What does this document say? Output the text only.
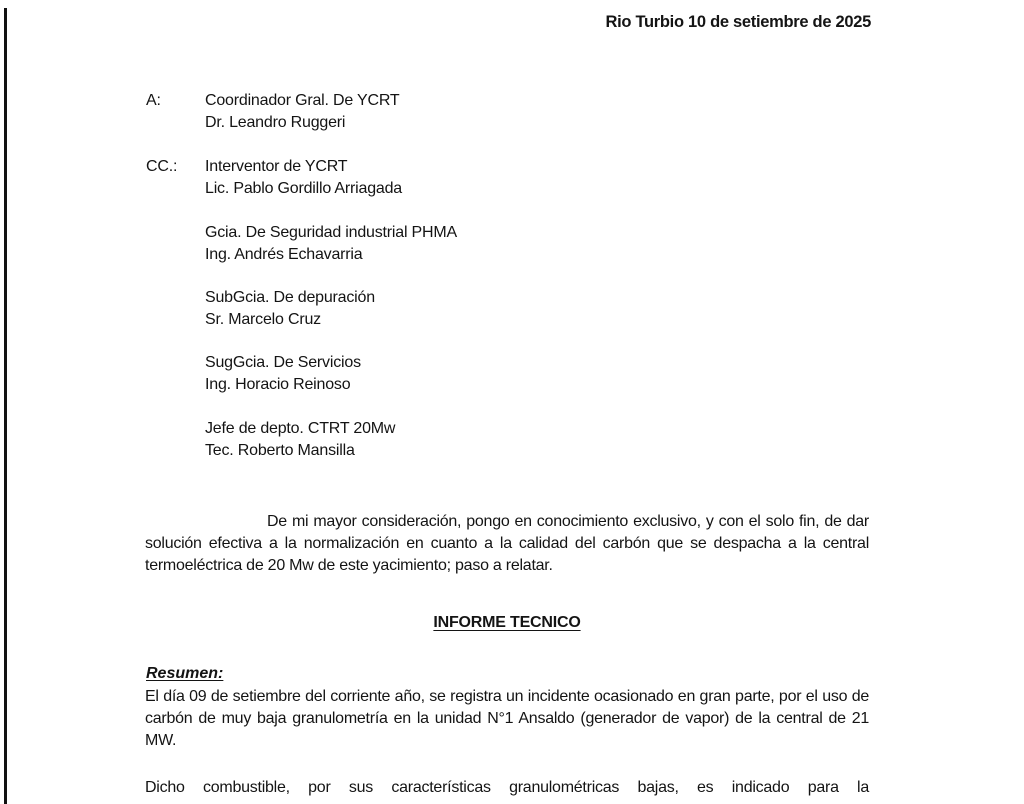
Rio Turbio 10 de setiembre de 2025
A:	Coordinador Gral. De YCRT
Dr. Leandro Ruggeri
CC.:	Interventor de YCRT
Lic. Pablo Gordillo Arriagada
Gcia. De Seguridad industrial PHMA
Ing. Andrés Echavarria
SubGcia. De depuración
Sr. Marcelo Cruz
SugGcia. De Servicios
Ing. Horacio Reinoso
Jefe de depto. CTRT 20Mw
Tec. Roberto Mansilla

De mi mayor consideración, pongo en conocimiento exclusivo, y con el solo fin, de dar solución efectiva a la normalización en cuanto a la calidad del carbón que se despacha a la central termoeléctrica de 20 Mw de este yacimiento; paso a relatar.

INFORME TECNICO
Resumen:

El día 09 de setiembre del corriente año, se registra un incidente ocasionado en gran parte, por el uso de carbón de muy baja granulometría en la unidad N°1 Ansaldo (generador de vapor) de la central de 21 MW.

Dicho combustible, por sus características granulométricas bajas, es indicado para la
